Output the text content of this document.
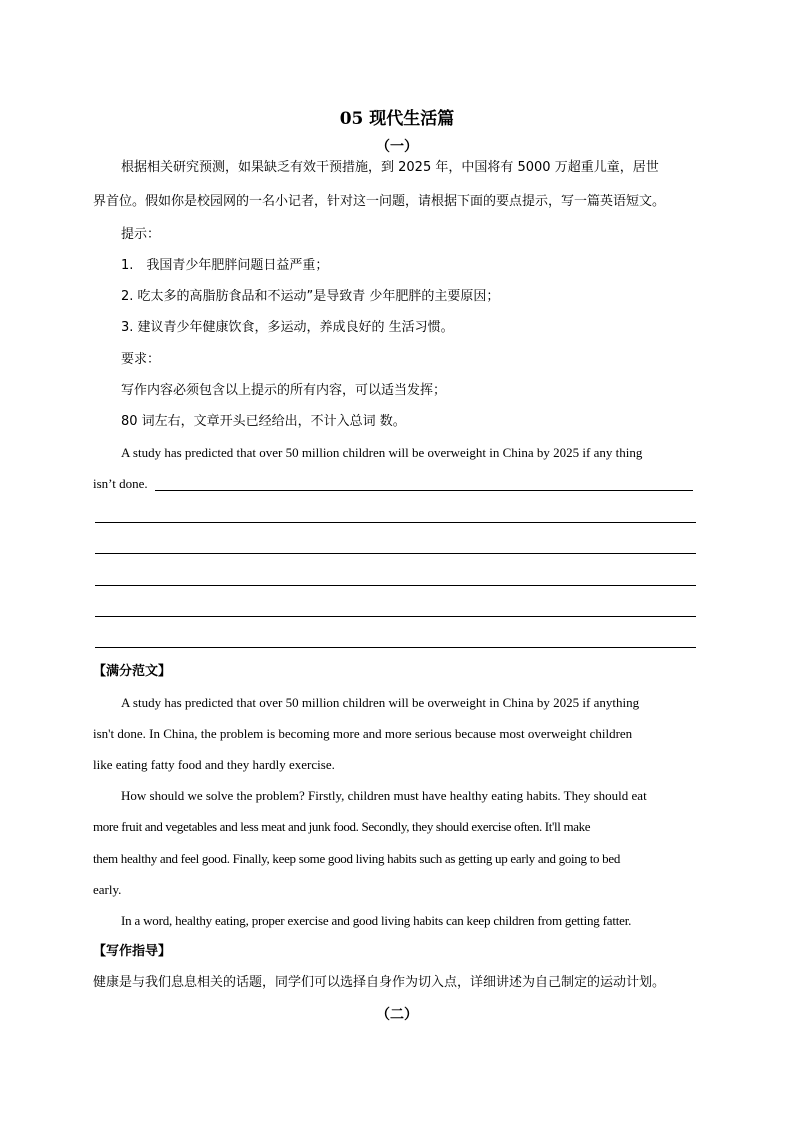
05 现代生活篇
（一）
根据相关研究预测，如果缺乏有效干预措施，到 2025 年，中国将有 5000 万超重儿童，居世
界首位。假如你是校园网的一名小记者，针对这一问题，请根据下面的要点提示，写一篇英语短文。
提示：
1.　我国青少年肥胖问题日益严重；
2. 吃太多的高脂肪食品和不运动”是导致青 少年肥胖的主要原因；
3. 建议青少年健康饮食，多运动，养成良好的 生活习惯。
要求：
写作内容必须包含以上提示的所有内容，可以适当发挥；
80 词左右，文章开头已经给出，不计入总词 数。
A study has predicted that over 50 million children will be overweight in China by 2025 if any thing
isn’t done.
【满分范文】
A study has predicted that over 50 million children will be overweight in China by 2025 if anything
isn't done. In China, the problem is becoming more and more serious because most overweight children
like eating fatty food and they hardly exercise.
How should we solve the problem? Firstly, children must have healthy eating habits. They should eat
more fruit and vegetables and less meat and junk food. Secondly, they should exercise often. It'll make
them healthy and feel good. Finally, keep some good living habits such as getting up early and going to bed
early.
In a word, healthy eating, proper exercise and good living habits can keep children from getting fatter.
【写作指导】
健康是与我们息息相关的话题，同学们可以选择自身作为切入点，详细讲述为自己制定的运动计划。
（二）
